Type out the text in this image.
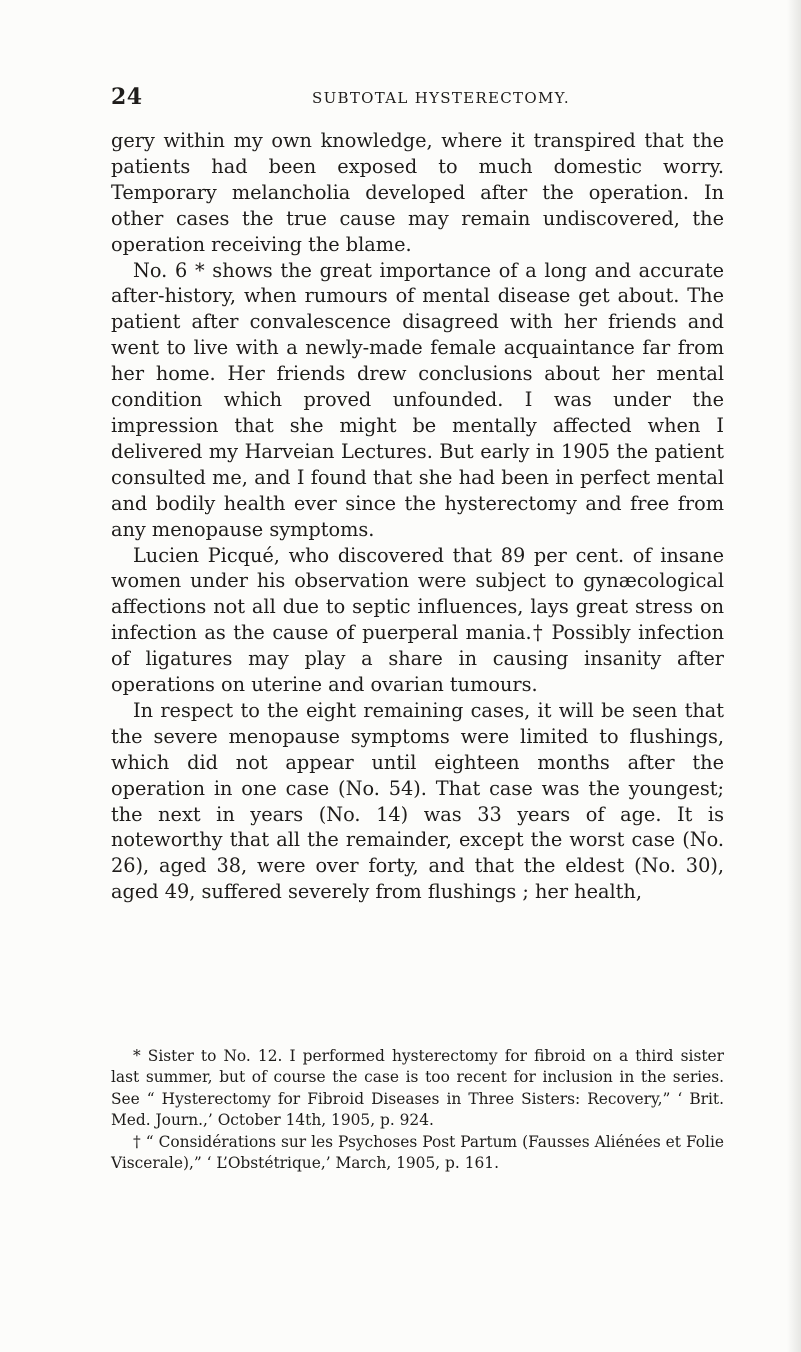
24	SUBTOTAL HYSTERECTOMY.

gery within my own knowledge, where it transpired that the patients had been exposed to much domestic worry. Temporary melancholia developed after the operation. In other cases the true cause may remain undiscovered, the operation receiving the blame.

No. 6 * shows the great importance of a long and accurate after-history, when rumours of mental disease get about. The patient after convalescence disagreed with her friends and went to live with a newly-made female acquaintance far from her home. Her friends drew conclusions about her mental condition which proved unfounded. I was under the impression that she might be mentally affected when I delivered my Harveian Lectures. But early in 1905 the patient consulted me, and I found that she had been in perfect mental and bodily health ever since the hysterectomy and free from any menopause symptoms.

Lucien Picqué, who discovered that 89 per cent. of insane women under his observation were subject to gynæcological affections not all due to septic influences, lays great stress on infection as the cause of puerperal mania.† Possibly infection of ligatures may play a share in causing insanity after operations on uterine and ovarian tumours.

In respect to the eight remaining cases, it will be seen that the severe menopause symptoms were limited to flushings, which did not appear until eighteen months after the operation in one case (No. 54). That case was the youngest; the next in years (No. 14) was 33 years of age. It is noteworthy that all the remainder, except the worst case (No. 26), aged 38, were over forty, and that the eldest (No. 30), aged 49, suffered severely from flushings ; her health,

* Sister to No. 12. I performed hysterectomy for fibroid on a third sister last summer, but of course the case is too recent for inclusion in the series. See “ Hysterectomy for Fibroid Diseases in Three Sisters: Recovery,” ‘ Brit. Med. Journ.,’ October 14th, 1905, p. 924.

† “ Considérations sur les Psychoses Post Partum (Fausses Aliénées et Folie Viscerale),” ‘ L’Obstétrique,’ March, 1905, p. 161.
